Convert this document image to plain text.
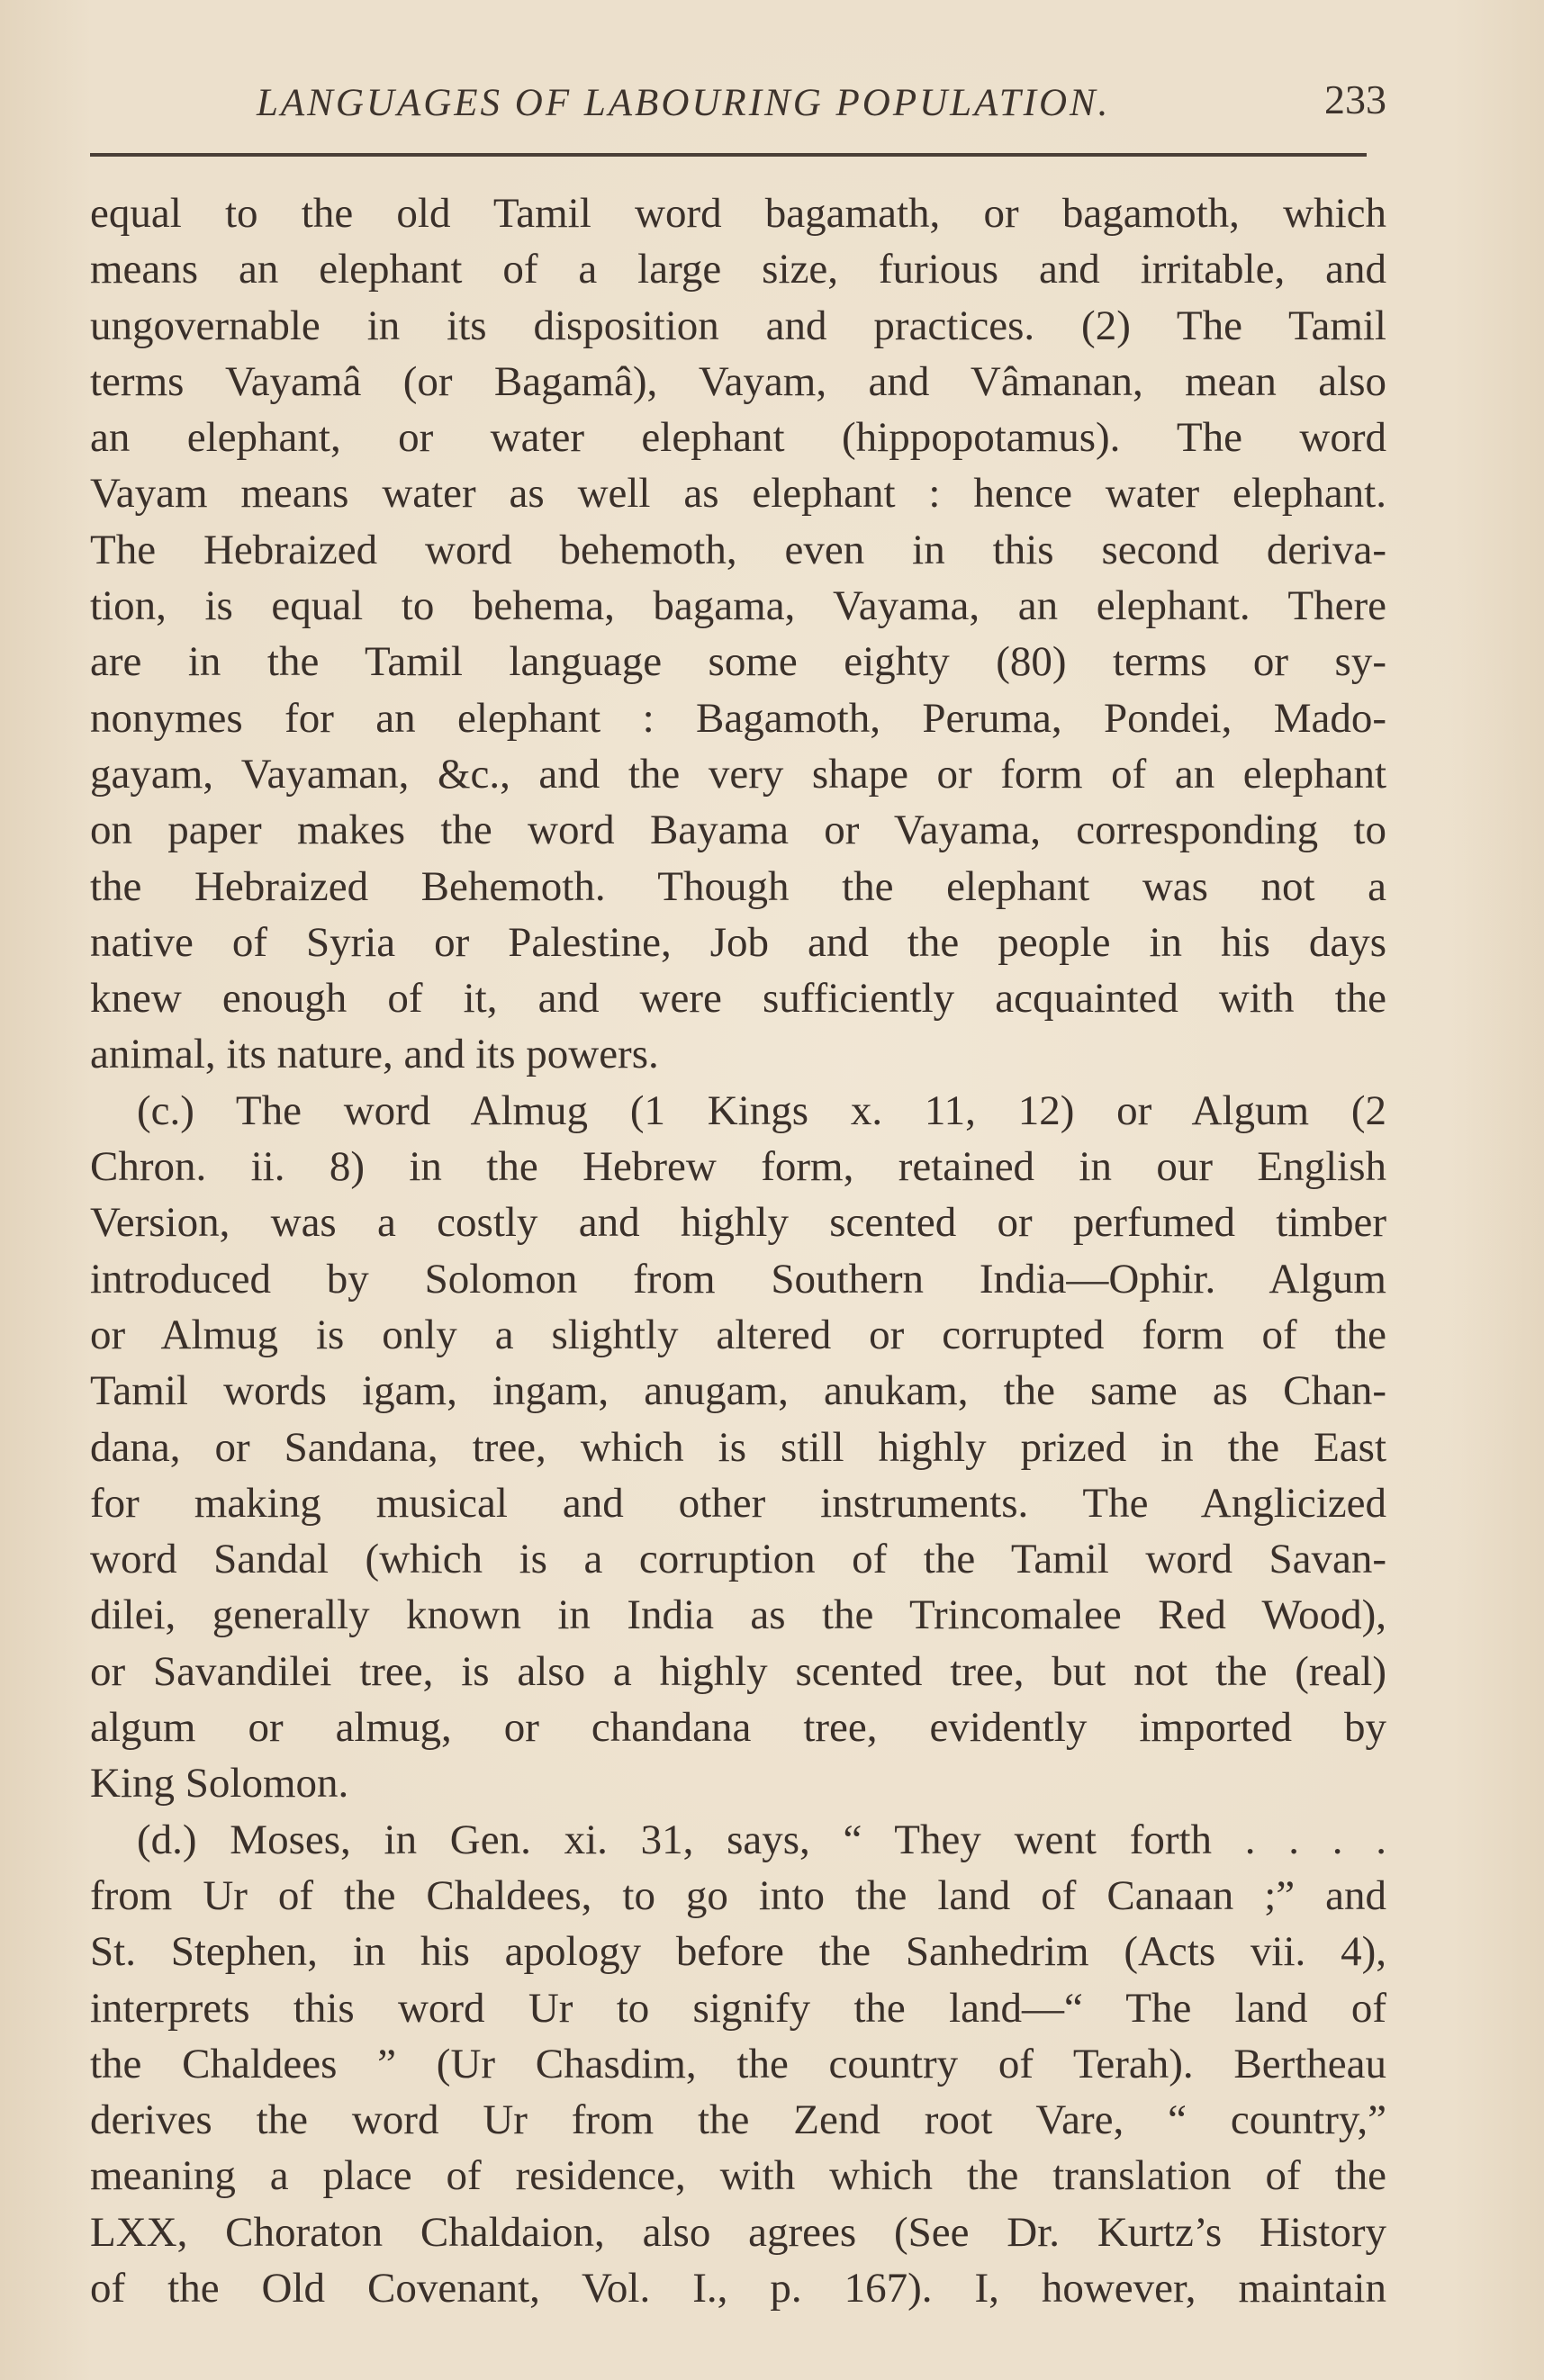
LANGUAGES OF LABOURING POPULATION.	233
equal to the old Tamil word bagamath, or bagamoth, which
means an elephant of a large size, furious and irritable, and
ungovernable in its disposition and practices. (2) The Tamil
terms Vayamâ (or Bagamâ), Vayam, and Vâmanan, mean also
an elephant, or water elephant (hippopotamus). The word
Vayam means water as well as elephant : hence water elephant.
The Hebraized word behemoth, even in this second deriva-
tion, is equal to behema, bagama, Vayama, an elephant. There
are in the Tamil language some eighty (80) terms or sy-
nonymes for an elephant : Bagamoth, Peruma, Pondei, Mado-
gayam, Vayaman, &c., and the very shape or form of an elephant
on paper makes the word Bayama or Vayama, corresponding to
the Hebraized Behemoth. Though the elephant was not a
native of Syria or Palestine, Job and the people in his days
knew enough of it, and were sufficiently acquainted with the
animal, its nature, and its powers.
(c.) The word Almug (1 Kings x. 11, 12) or Algum (2
Chron. ii. 8) in the Hebrew form, retained in our English
Version, was a costly and highly scented or perfumed timber
introduced by Solomon from Southern India—Ophir. Algum
or Almug is only a slightly altered or corrupted form of the
Tamil words igam, ingam, anugam, anukam, the same as Chan-
dana, or Sandana, tree, which is still highly prized in the East
for making musical and other instruments. The Anglicized
word Sandal (which is a corruption of the Tamil word Savan-
dilei, generally known in India as the Trincomalee Red Wood),
or Savandilei tree, is also a highly scented tree, but not the (real)
algum or almug, or chandana tree, evidently imported by
King Solomon.
(d.) Moses, in Gen. xi. 31, says, “ They went forth . . . .
from Ur of the Chaldees, to go into the land of Canaan ;” and
St. Stephen, in his apology before the Sanhedrim (Acts vii. 4),
interprets this word Ur to signify the land—“ The land of
the Chaldees ” (Ur Chasdim, the country of Terah). Bertheau
derives the word Ur from the Zend root Vare, “ country,”
meaning a place of residence, with which the translation of the
LXX, Choraton Chaldaion, also agrees (See Dr. Kurtz’s History
of the Old Covenant, Vol. I., p. 167). I, however, maintain
